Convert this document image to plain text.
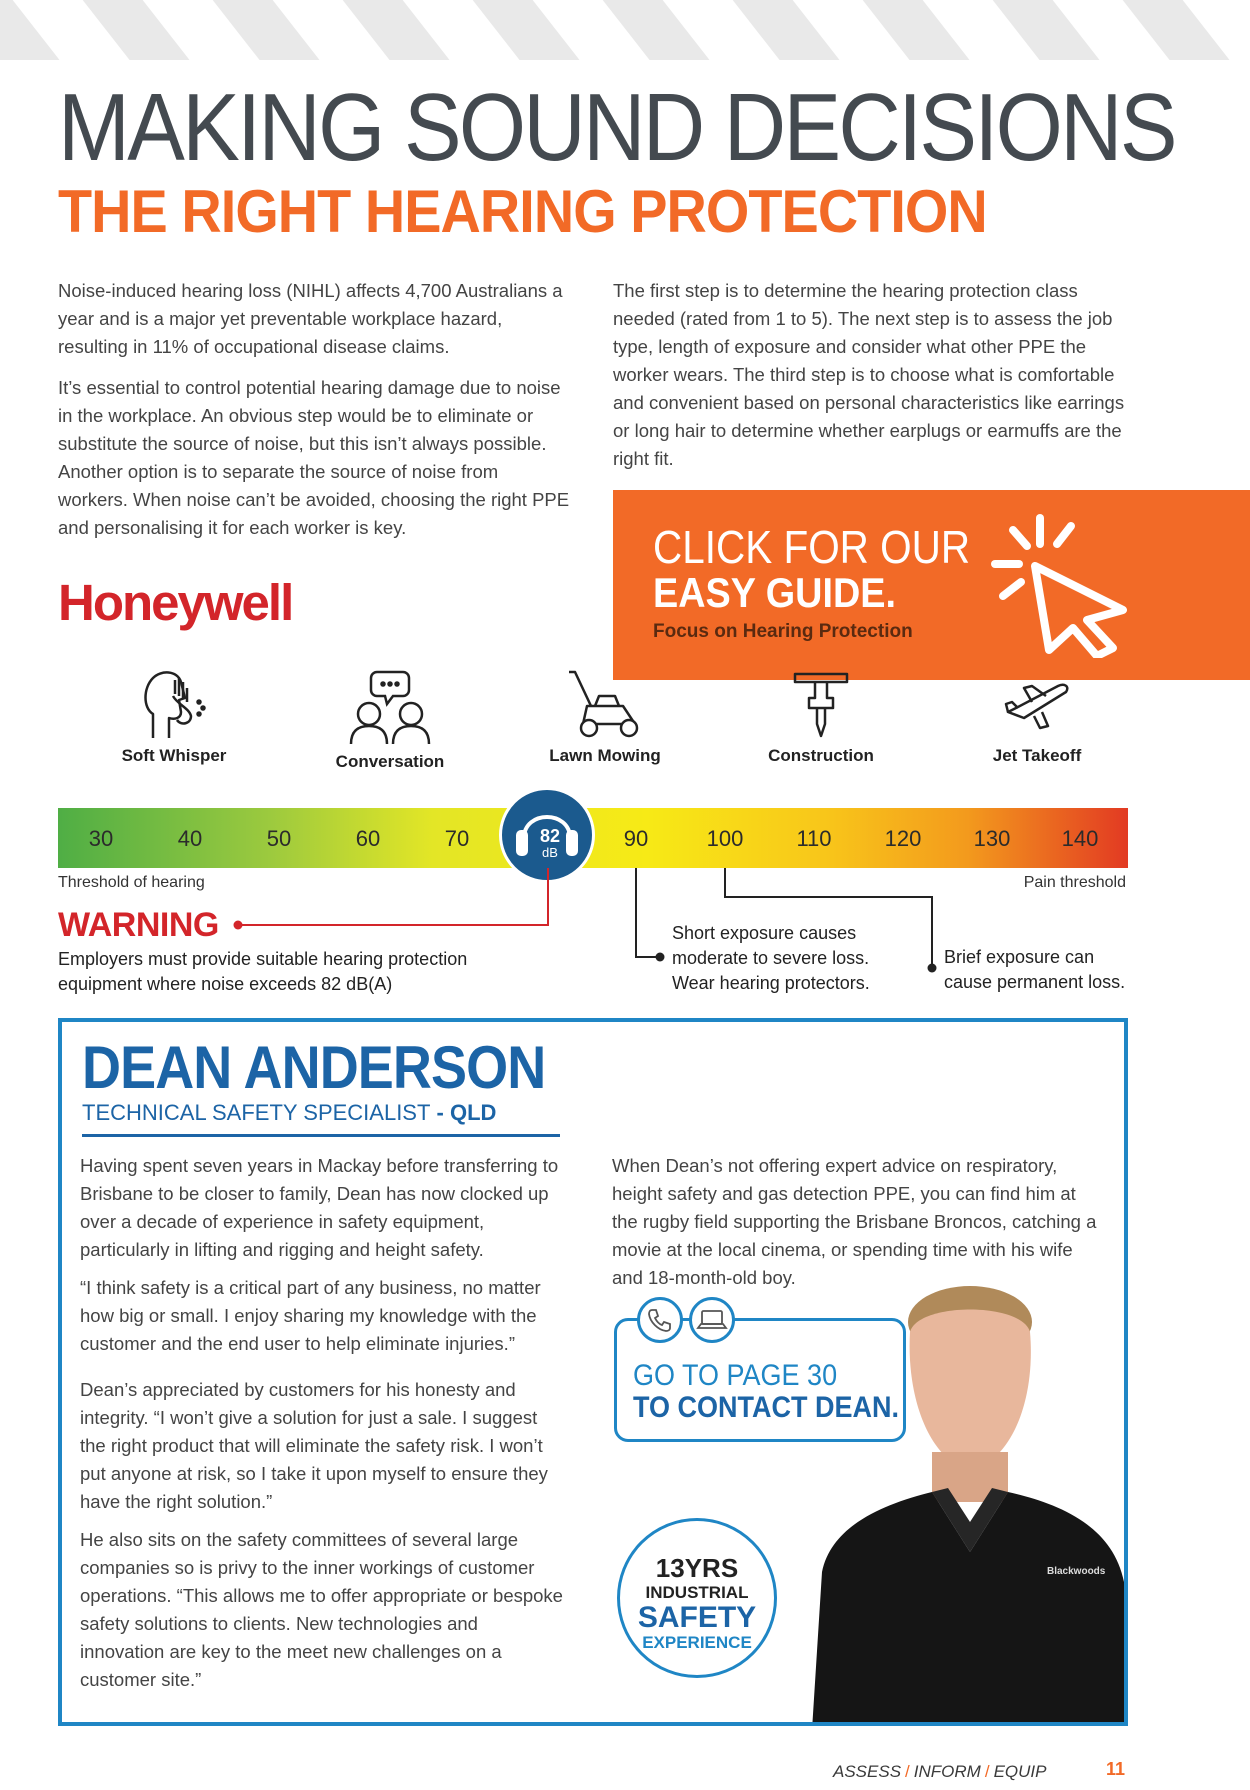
MAKING SOUND DECISIONS
THE RIGHT HEARING PROTECTION

Noise-induced hearing loss (NIHL) affects 4,700 Australians a year and is a major yet preventable workplace hazard, resulting in 11% of occupational disease claims.

It’s essential to control potential hearing damage due to noise in the workplace. An obvious step would be to eliminate or substitute the source of noise, but this isn’t always possible. Another option is to separate the source of noise from workers. When noise can’t be avoided, choosing the right PPE and personalising it for each worker is key.

The first step is to determine the hearing protection class needed (rated from 1 to 5). The next step is to assess the job type, length of exposure and consider what other PPE the worker wears. The third step is to choose what is comfortable and convenient based on personal characteristics like earrings or long hair to determine whether earplugs or earmuffs are the right fit.

CLICK FOR OUR
EASY GUIDE.
Focus on Hearing Protection
Honeywell
Soft Whisper	Conversation	Lawn Mowing	Construction	Jet Takeoff
30	40	50	60	70	90	100	110	120	130	140
82
dB
Threshold of hearing	Pain threshold
WARNING

Employers must provide suitable hearing protection equipment where noise exceeds 82 dB(A)

Short exposure causes moderate to severe loss. Wear hearing protectors.

Brief exposure can cause permanent loss.

DEAN ANDERSON
TECHNICAL SAFETY SPECIALIST - QLD

Having spent seven years in Mackay before transferring to Brisbane to be closer to family, Dean has now clocked up over a decade of experience in safety equipment, particularly in lifting and rigging and height safety.

“I think safety is a critical part of any business, no matter how big or small. I enjoy sharing my knowledge with the customer and the end user to help eliminate injuries.”

Dean’s appreciated by customers for his honesty and integrity. “I won’t give a solution for just a sale. I suggest the right product that will eliminate the safety risk. I won’t put anyone at risk, so I take it upon myself to ensure they have the right solution.”

He also sits on the safety committees of several large companies so is privy to the inner workings of customer operations. “This allows me to offer appropriate or bespoke safety solutions to clients. New technologies and innovation are key to the meet new challenges on a customer site.”

When Dean’s not offering expert advice on respiratory, height safety and gas detection PPE, you can find him at the rugby field supporting the Brisbane Broncos, catching a movie at the local cinema, or spending time with his wife and 18-month-old boy.

Blackwoods
GO TO PAGE 30
TO CONTACT DEAN.
13YRS
INDUSTRIAL
SAFETY
EXPERIENCE
ASSESS / INFORM / EQUIP	11
